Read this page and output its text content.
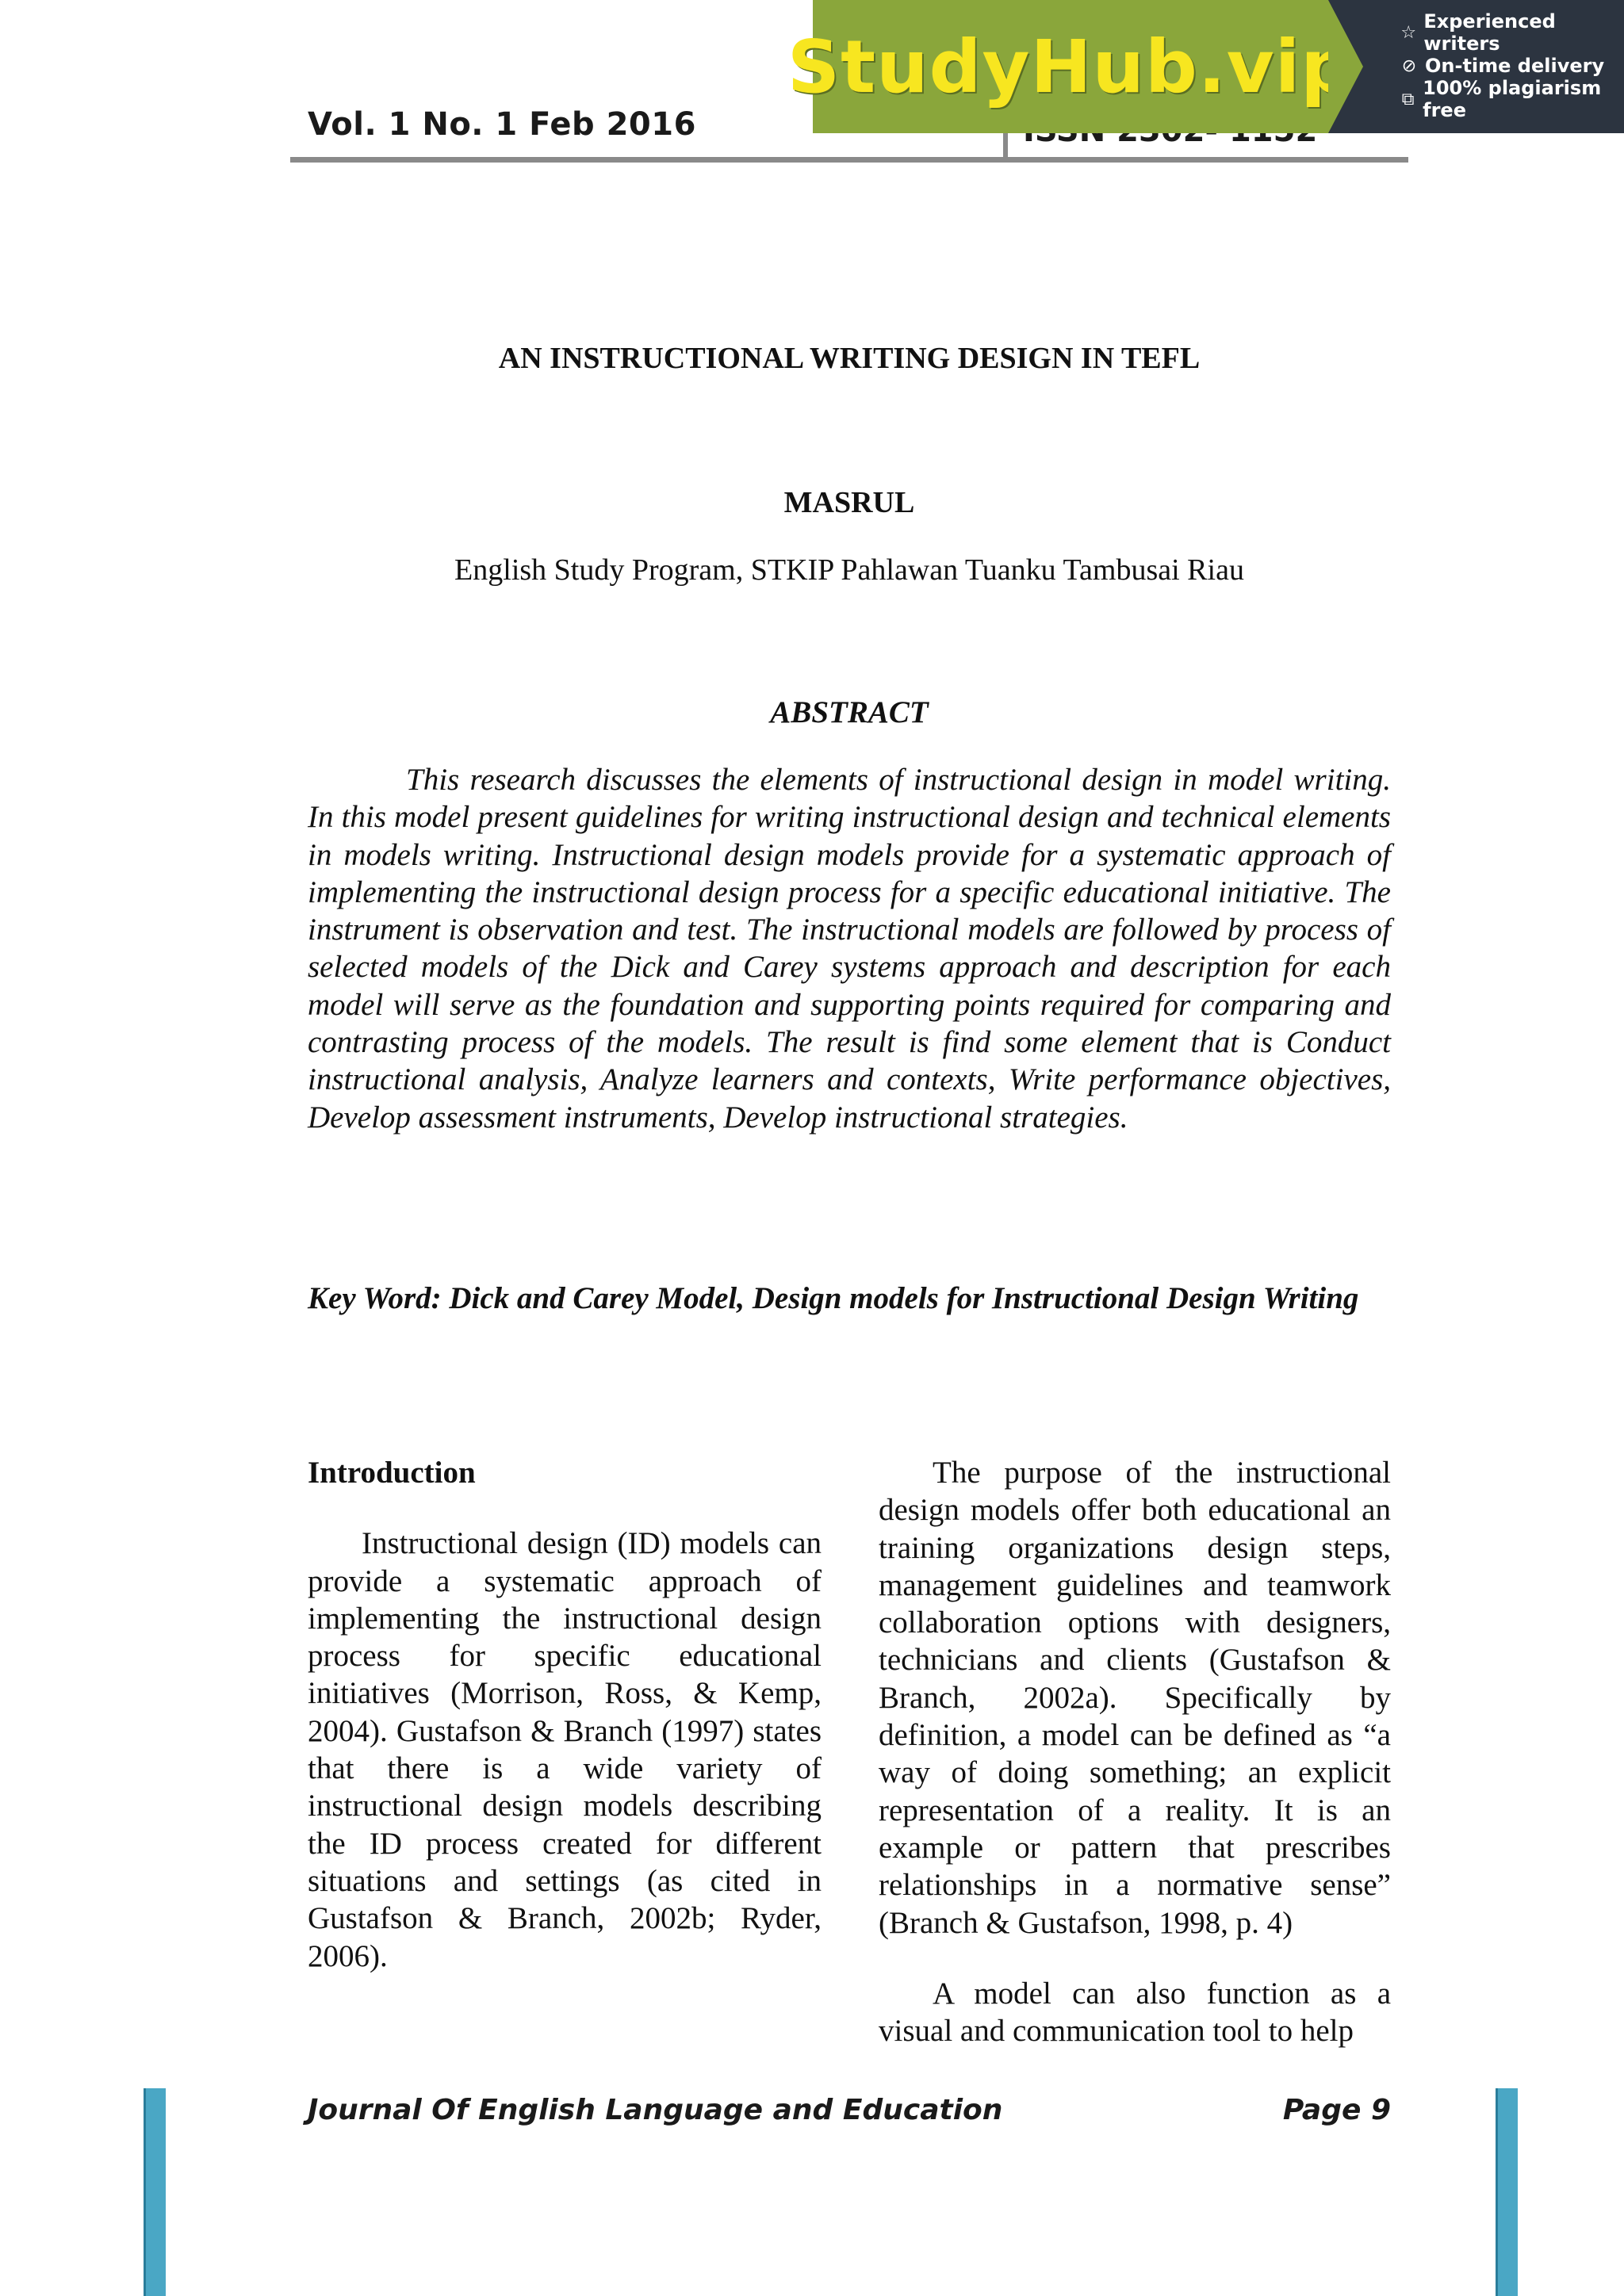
Vol. 1 No. 1 Feb 2016
StudyHub.vip	☆ Experienced writers
⊘ On-time delivery
⧉ 100% plagiarism free
AN INSTRUCTIONAL WRITING DESIGN IN TEFL
MASRUL
English Study Program, STKIP Pahlawan Tuanku Tambusai Riau
ABSTRACT
This research discusses the elements of instructional design in model writing. In this model present guidelines for writing instructional design and technical elements in models writing. Instructional design models provide for a systematic approach of implementing the instructional design process for a specific educational initiative. The instrument is observation and test. The instructional models are followed by process of selected models of the Dick and Carey systems approach and description for each model will serve as the foundation and supporting points required for comparing and contrasting process of the models. The result is find some element that is Conduct instructional analysis, Analyze learners and contexts, Write performance objectives, Develop assessment instruments, Develop instructional strategies.
Key Word: Dick and Carey Model, Design models for Instructional Design Writing
Introduction

Instructional design (ID) models can provide a systematic approach of implementing the instructional design process for specific educational initiatives (Morrison, Ross, & Kemp, 2004). Gustafson & Branch (1997) states that there is a wide variety of instructional design models describing the ID process created for different situations and settings (as cited in Gustafson & Branch, 2002b; Ryder, 2006).

The purpose of the instructional design models offer both educational an training organizations design steps, management guidelines and teamwork collaboration options with designers, technicians and clients (Gustafson & Branch, 2002a). Specifically by definition, a model can be defined as “a way of doing something; an explicit representation of a reality. It is an example or pattern that prescribes relationships in a normative sense” (Branch & Gustafson, 1998, p. 4)

A model can also function as a visual and communication tool to help

Journal Of English Language and Education	Page 9
